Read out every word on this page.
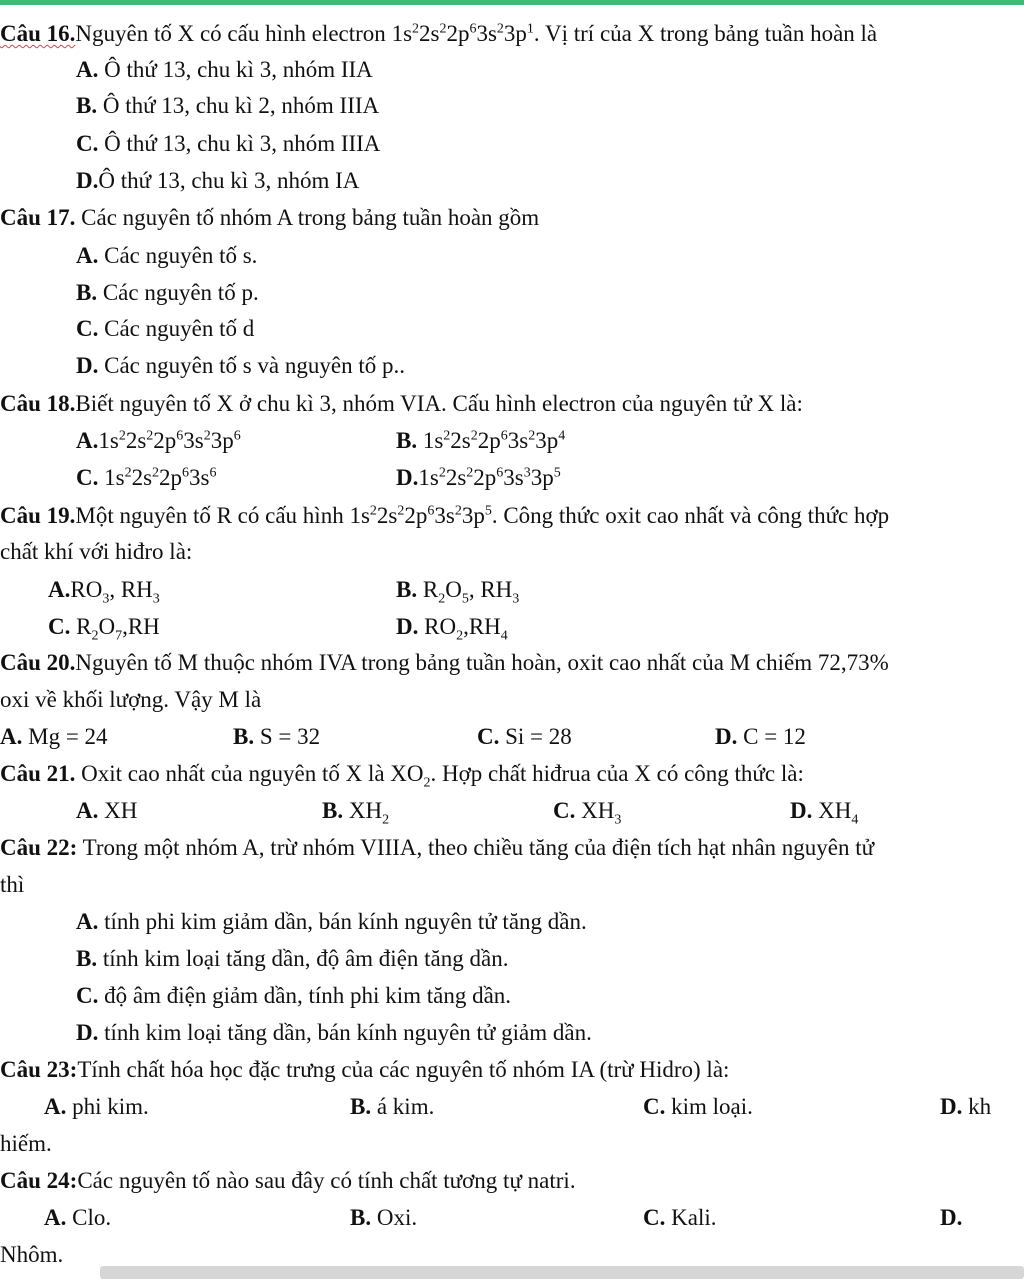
Câu 16.Nguyên tố X có cấu hình electron $1s^22s^22p^63s^23p^1$. Vị trí của X trong bảng tuần hoàn là
A. Ô thứ 13, chu kì 3, nhóm IIA
B. Ô thứ 13, chu kì 2, nhóm IIIA
C. Ô thứ 13, chu kì 3, nhóm IIIA
D.Ô thứ 13, chu kì 3, nhóm IA
Câu 17. Các nguyên tố nhóm A trong bảng tuần hoàn gồm
A. Các nguyên tố s.
B. Các nguyên tố p.
C. Các nguyên tố d
D. Các nguyên tố s và nguyên tố p..
Câu 18.Biết nguyên tố X ở chu kì 3, nhóm VIA. Cấu hình electron của nguyên tử X là:
$A.1s^22s^22p^63s^23p^6$	B. $1s^22s^22p^63s^23p^4$
C. $1s^22s^22p^63s^6$	$D.1s^22s^22p^63s^33p^5$
Câu 19.Một nguyên tố R có cấu hình $1s^22s^22p^63s^23p^5$. Công thức oxit cao nhất và công thức hợp
chất khí với hiđro là:
$A.RO_3$, $RH_3$	B. $R_2O_5$, $RH_3$
C. $R_2O_7,RH$	D. $RO_2,RH_4$
Câu 20.Nguyên tố M thuộc nhóm IVA trong bảng tuần hoàn, oxit cao nhất của M chiếm 72,73%
oxi về khối lượng. Vậy M là
A. Mg = 24	B. S = 32	C. Si = 28	D. C = 12
Câu 21. Oxit cao nhất của nguyên tố X là $XO_2$. Hợp chất hiđrua của X có công thức là:
A. XH	B. $XH_2$	C. $XH_3$	D. $XH_4$
Câu 22: Trong một nhóm A, trừ nhóm VIIIA, theo chiều tăng của điện tích hạt nhân nguyên tử
thì
A. tính phi kim giảm dần, bán kính nguyên tử tăng dần.
B. tính kim loại tăng dần, độ âm điện tăng dần.
C. độ âm điện giảm dần, tính phi kim tăng dần.
D. tính kim loại tăng dần, bán kính nguyên tử giảm dần.
Câu 23:Tính chất hóa học đặc trưng của các nguyên tố nhóm IA (trừ Hidro) là:
A. phi kim.	B. á kim.	C. kim loại.	D. kh
hiếm.
Câu 24:Các nguyên tố nào sau đây có tính chất tương tự natri.
A. Clo.	B. Oxi.	C. Kali.	D.
Nhôm.
